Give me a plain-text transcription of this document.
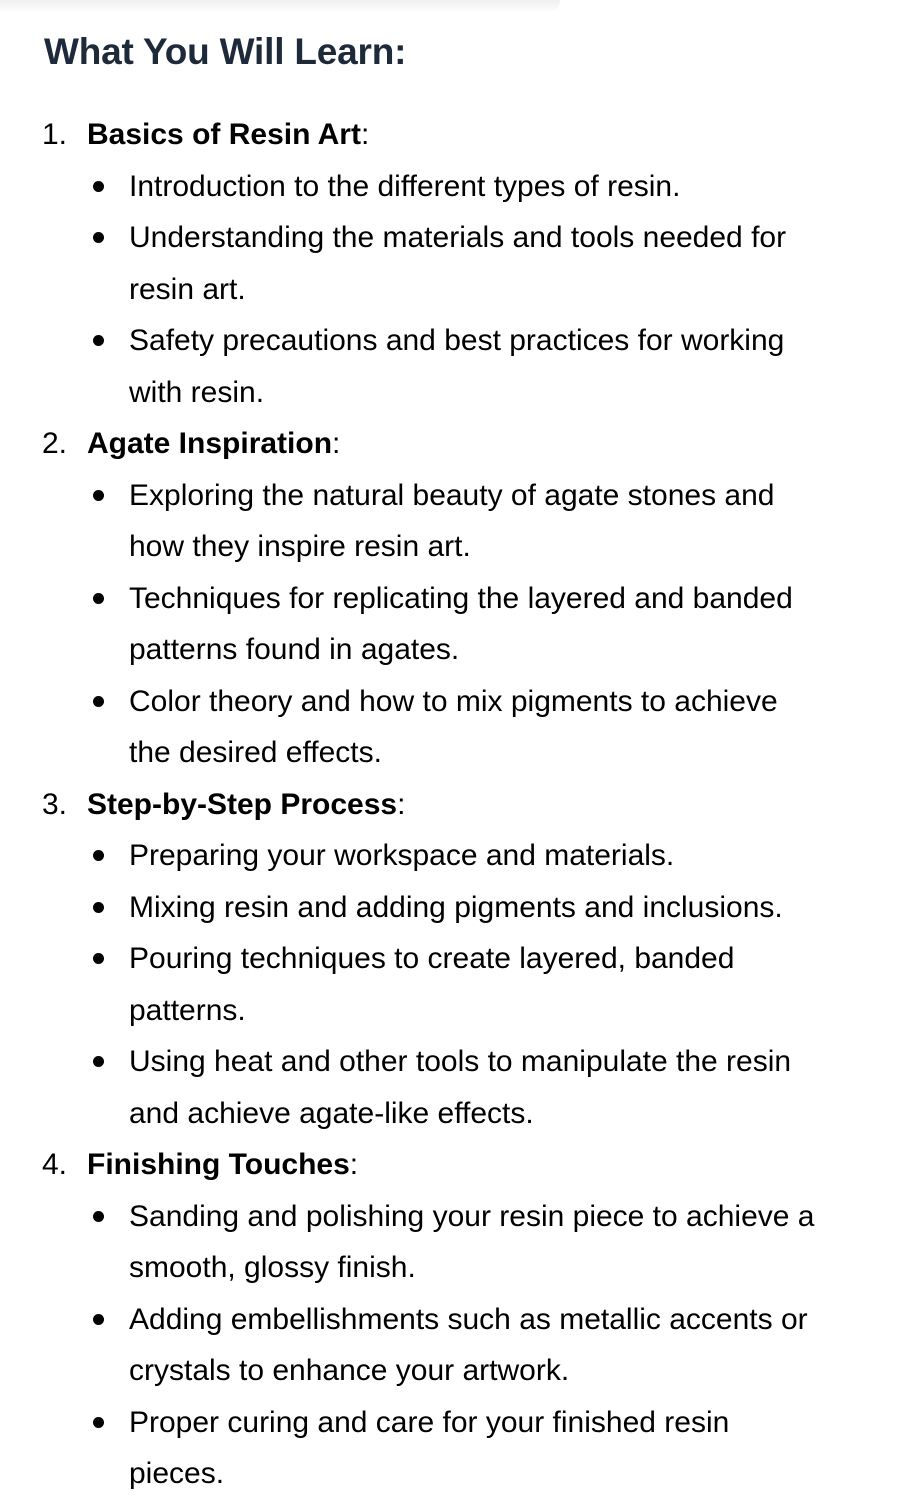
What You Will Learn:
1. Basics of Resin Art:
Introduction to the different types of resin.
Understanding the materials and tools needed for
resin art.
Safety precautions and best practices for working
with resin.
2. Agate Inspiration:
Exploring the natural beauty of agate stones and
how they inspire resin art.
Techniques for replicating the layered and banded
patterns found in agates.
Color theory and how to mix pigments to achieve
the desired effects.
3. Step-by-Step Process:
Preparing your workspace and materials.
Mixing resin and adding pigments and inclusions.
Pouring techniques to create layered, banded
patterns.
Using heat and other tools to manipulate the resin
and achieve agate-like effects.
4. Finishing Touches:
Sanding and polishing your resin piece to achieve a
smooth, glossy finish.
Adding embellishments such as metallic accents or
crystals to enhance your artwork.
Proper curing and care for your finished resin
pieces.
